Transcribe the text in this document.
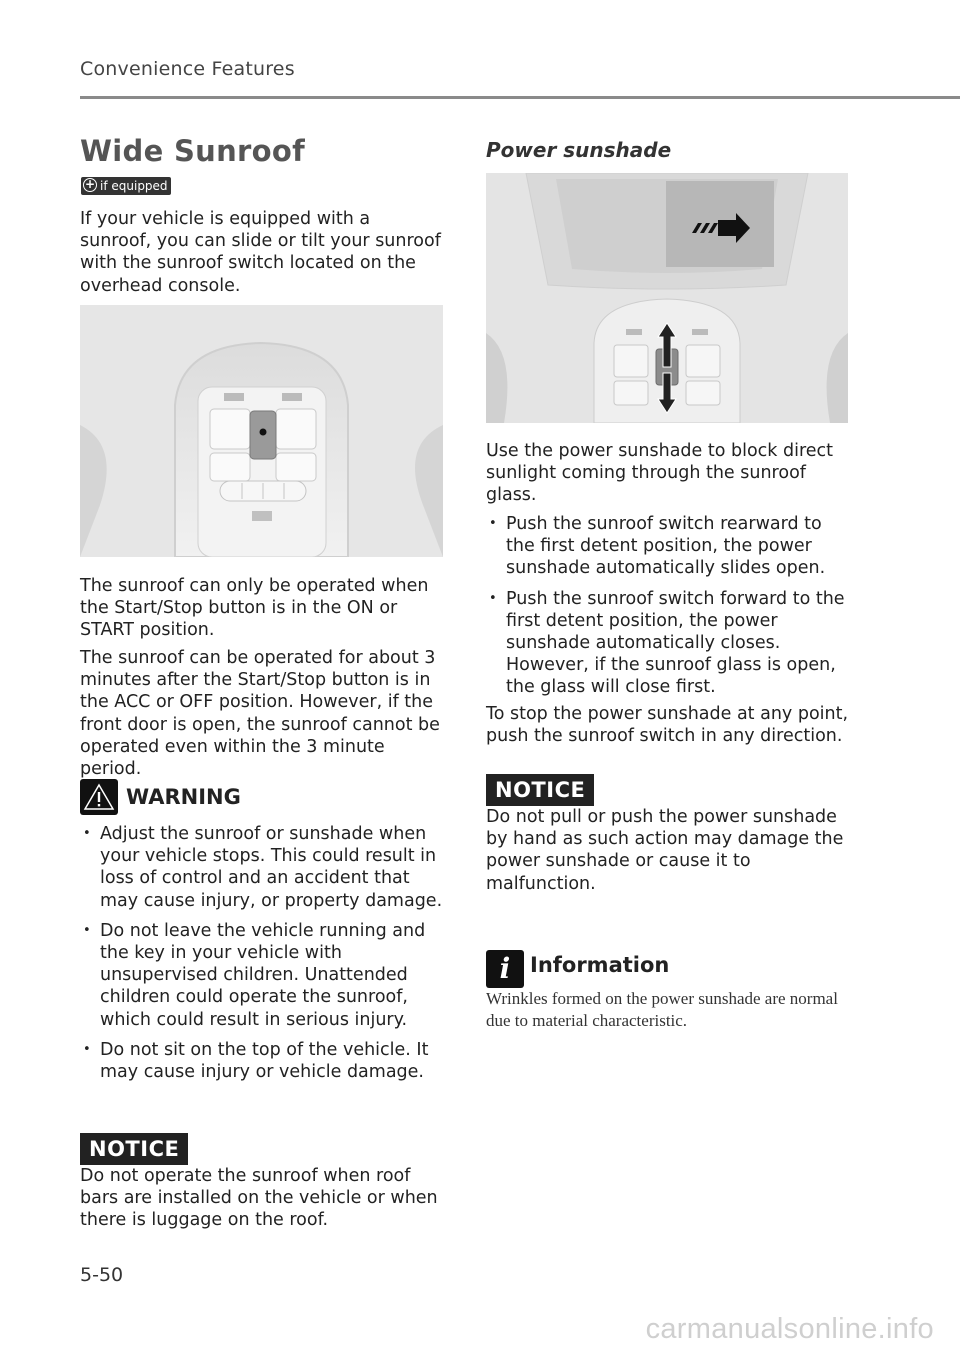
Convenience Features
Wide Sunroof
+ if equipped
If your vehicle is equipped with a sunroof, you can slide or tilt your sunroof with the sunroof switch located on the overhead console.
The sunroof can only be operated when the Start/Stop button is in the ON or START position.
The sunroof can be operated for about 3 minutes after the Start/Stop button is in the ACC or OFF position. However, if the front door is open, the sunroof cannot be operated even within the 3 minute period.
WARNING
• Adjust the sunroof or sunshade when your vehicle stops. This could result in loss of control and an accident that may cause injury, or property damage.
• Do not leave the vehicle running and the key in your vehicle with unsupervised children. Unattended children could operate the sunroof, which could result in serious injury.
• Do not sit on the top of the vehicle. It may cause injury or vehicle damage.
NOTICE
Do not operate the sunroof when roof bars are installed on the vehicle or when there is luggage on the roof.
Power sunshade
Use the power sunshade to block direct sunlight coming through the sunroof glass.
• Push the sunroof switch rearward to the first detent position, the power sunshade automatically slides open.
• Push the sunroof switch forward to the first detent position, the power sunshade automatically closes. However, if the sunroof glass is open, the glass will close first.
To stop the power sunshade at any point, push the sunroof switch in any direction.
NOTICE
Do not pull or push the power sunshade by hand as such action may damage the power sunshade or cause it to malfunction.
i Information
Wrinkles formed on the power sunshade are normal due to material characteristic.
5-50
carmanualsonline.info
